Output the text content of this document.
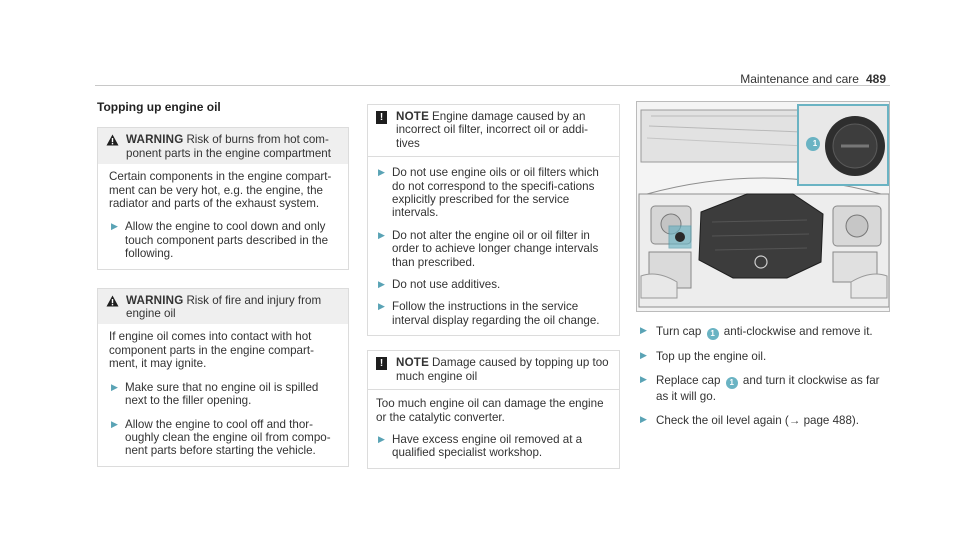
Maintenance and care 489
Topping up engine oil
WARNING Risk of burns from hot com-ponent parts in the engine compartment
Certain components in the engine compart-ment can be very hot, e.g. the engine, the radiator and parts of the exhaust system.
▶ Allow the engine to cool down and only touch component parts described in the following.
WARNING Risk of fire and injury from engine oil
If engine oil comes into contact with hot component parts in the engine compart-ment, it may ignite.
▶ Make sure that no engine oil is spilled next to the filler opening.
▶ Allow the engine to cool off and thor-oughly clean the engine oil from compo-nent parts before starting the vehicle.
!	NOTE Engine damage caused by an incorrect oil filter, incorrect oil or addi-tives
▶ Do not use engine oils or oil filters which do not correspond to the specifi-cations explicitly prescribed for the service intervals.
▶ Do not alter the engine oil or oil filter in order to achieve longer change intervals than prescribed.
▶ Do not use additives.
▶ Follow the instructions in the service interval display regarding the oil change.
!	NOTE Damage caused by topping up too much engine oil
Too much engine oil can damage the engine or the catalytic converter.
▶ Have excess engine oil removed at a qualified specialist workshop.
1
▶ Turn cap 1 anti-clockwise and remove it.
▶ Top up the engine oil.
▶ Replace cap 1 and turn it clockwise as far as it will go.
▶ Check the oil level again (→ page 488).
